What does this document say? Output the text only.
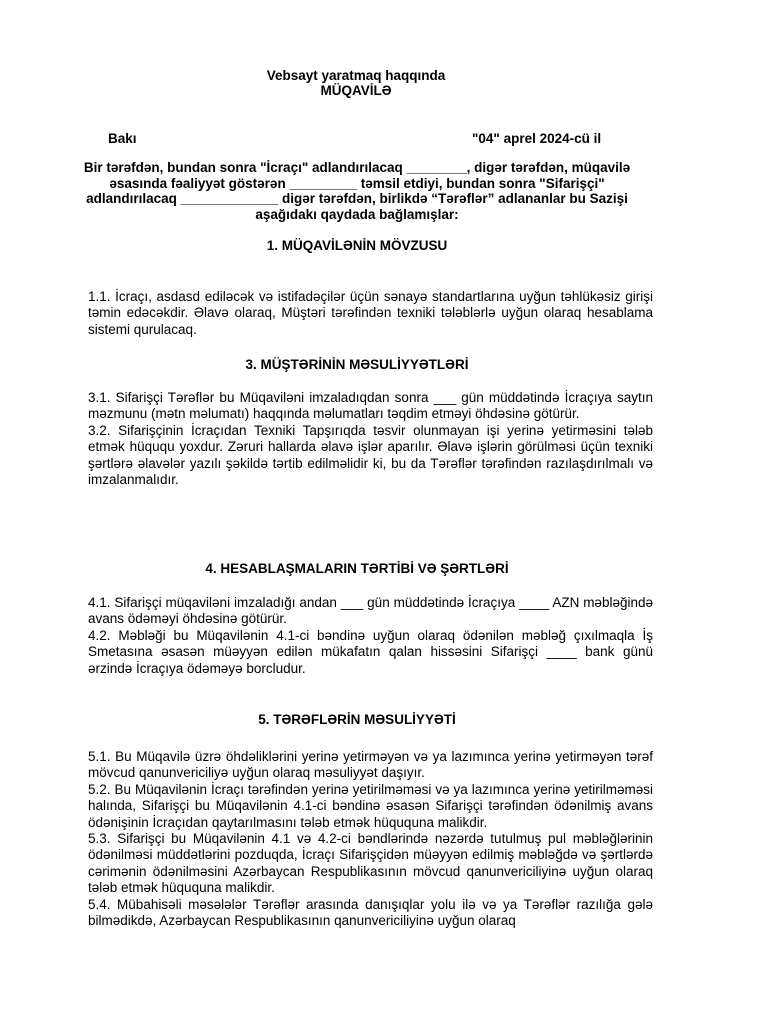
Vebsayt yaratmaq haqqında
MÜQAVİLƏ
Bakı	"04" aprel 2024-cü il
Bir tərəfdən, bundan sonra "İcraçı" adlandırılacaq ________, digər tərəfdən, müqavilə əsasında fəaliyyət göstərən _________ təmsil etdiyi, bundan sonra "Sifarişçi" adlandırılacaq _____________ digər tərəfdən, birlikdə “Tərəflər” adlananlar bu Sazişi aşağıdakı qaydada bağlamışlar:
1. MÜQAVİLƏNİN MÖVZUSU

1.1. İcraçı, asdasd ediləcək və istifadəçilər üçün sənayə standartlarına uyğun təhlükəsiz girişi təmin edəcəkdir. Əlavə olaraq, Müştəri tərəfindən texniki tələblərlə uyğun olaraq hesablama sistemi qurulacaq.

3. MÜŞTƏRİNİN MƏSULİYYƏTLƏRİ

3.1. Sifarişçi Tərəflər bu Müqaviləni imzaladıqdan sonra ___ gün müddətində İcraçıya saytın məzmunu (mətn məlumatı) haqqında məlumatları təqdim etməyi öhdəsinə götürür.

3.2. Sifarişçinin İcraçıdan Texniki Tapşırıqda təsvir olunmayan işi yerinə yetirməsini tələb etmək hüququ yoxdur. Zəruri hallarda əlavə işlər aparılır. Əlavə işlərin görülməsi üçün texniki şərtlərə əlavələr yazılı şəkildə tərtib edilməlidir ki, bu da Tərəflər tərəfindən razılaşdırılmalı və imzalanmalıdır.

4. HESABLAŞMALARIN TƏRTİBİ VƏ ŞƏRTLƏRİ

4.1. Sifarişçi müqaviləni imzaladığı andan ___ gün müddətində İcraçıya ____ AZN məbləğində avans ödəməyi öhdəsinə götürür.

4.2. Məbləği bu Müqavilənin 4.1-ci bəndinə uyğun olaraq ödənilən məbləğ çıxılmaqla İş Smetasına əsasən müəyyən edilən mükafatın qalan hissəsini Sifarişçi ____ bank günü ərzində İcraçıya ödəməyə borcludur.

5. TƏRƏFLƏRİN MƏSULİYYƏTİ

5.1. Bu Müqavilə üzrə öhdəliklərini yerinə yetirməyən və ya lazımınca yerinə yetirməyən tərəf mövcud qanunvericiliyə uyğun olaraq məsuliyyət daşıyır.

5.2. Bu Müqavilənin İcraçı tərəfindən yerinə yetirilməməsi və ya lazımınca yerinə yetirilməməsi halında, Sifarişçi bu Müqavilənin 4.1-ci bəndinə əsasən Sifarişçi tərəfindən ödənilmiş avans ödənişinin İcraçıdan qaytarılmasını tələb etmək hüququna malikdir.

5.3. Sifarişçi bu Müqavilənin 4.1 və 4.2-ci bəndlərində nəzərdə tutulmuş pul məbləğlərinin ödənilməsi müddətlərini pozduqda, İcraçı Sifarişçidən müəyyən edilmiş məbləğdə və şərtlərdə cərimənin ödənilməsini Azərbaycan Respublikasının mövcud qanunvericiliyinə uyğun olaraq tələb etmək hüququna malikdir.

5.4. Mübahisəli məsələlər Tərəflər arasında danışıqlar yolu ilə və ya Tərəflər razılığa gələ bilmədikdə, Azərbaycan Respublikasının qanunvericiliyinə uyğun olaraq
